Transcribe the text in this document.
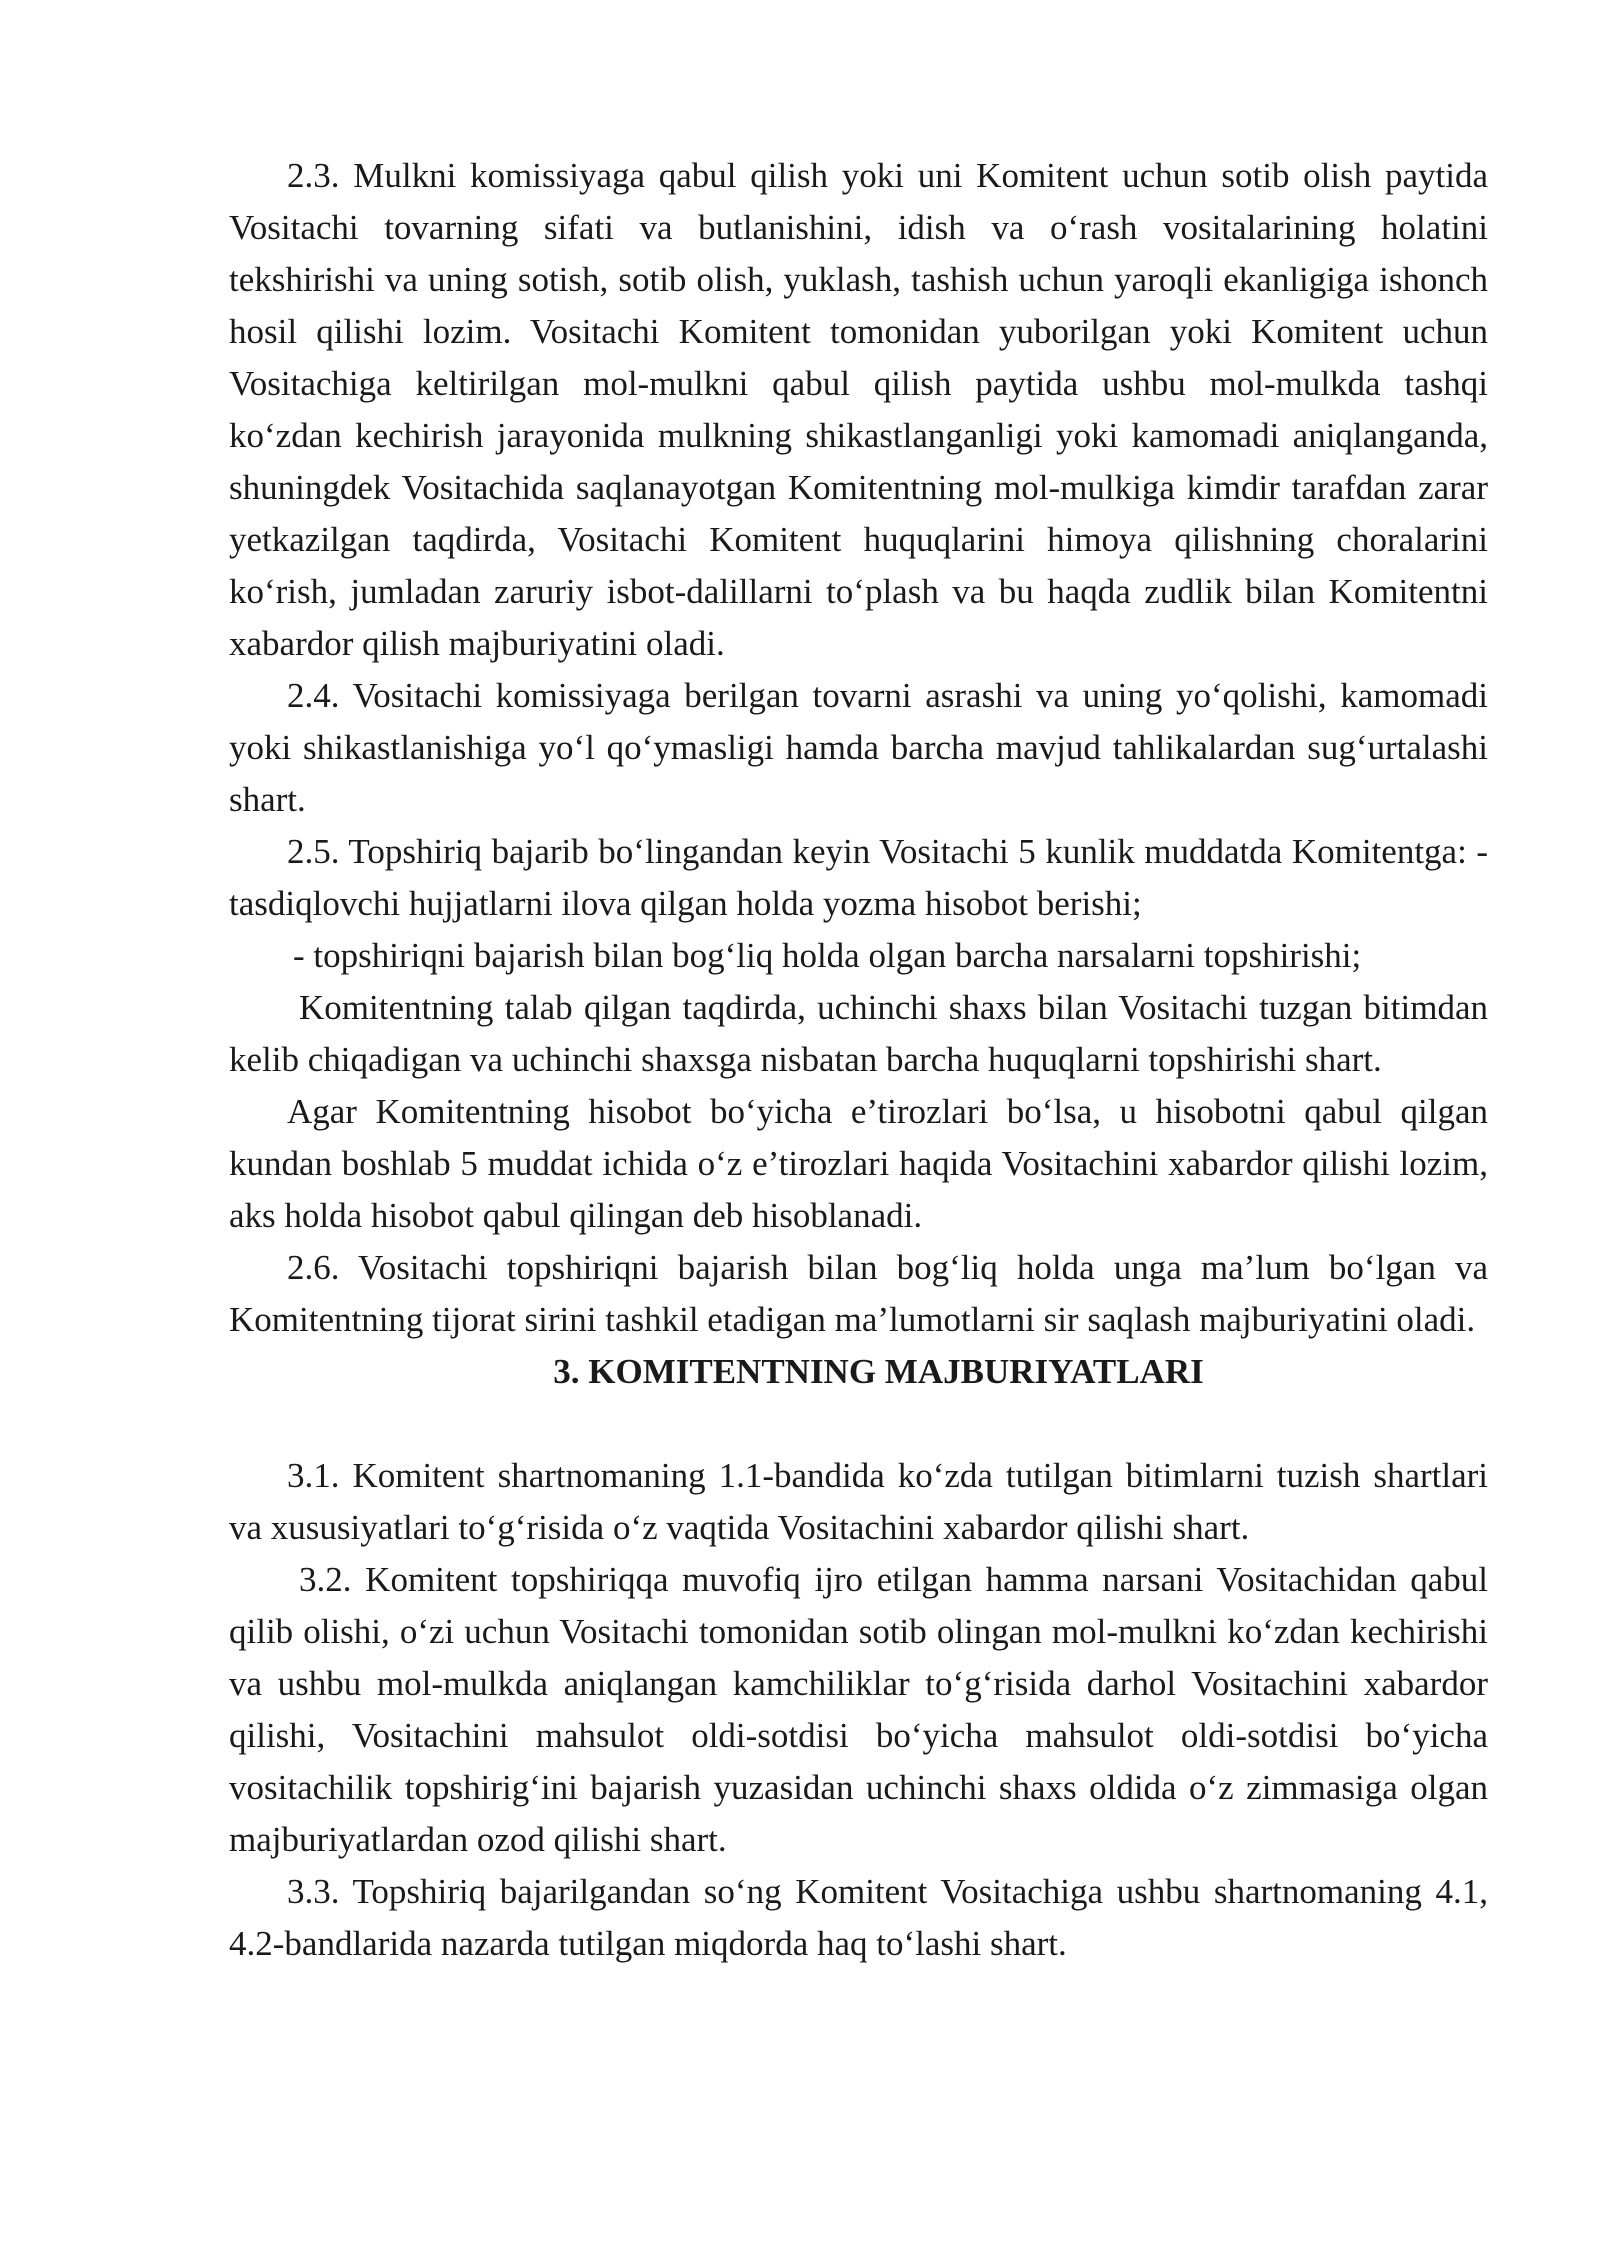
2.3. Mulkni komissiyaga qabul qilish yoki uni Komitent uchun sotib olish paytida Vositachi tovarning sifati va butlanishini, idish va o‘rash vositalarining holatini tekshirishi va uning sotish, sotib olish, yuklash, tashish uchun yaroqli ekanligiga ishonch hosil qilishi lozim. Vositachi Komitent tomonidan yuborilgan yoki Komitent uchun Vositachiga keltirilgan mol-mulkni qabul qilish paytida ushbu mol-mulkda tashqi ko‘zdan kechirish jarayonida mulkning shikastlanganligi yoki kamomadi aniqlanganda, shuningdek Vositachida saqlanayotgan Komitentning mol-mulkiga kimdir tarafdan zarar yetkazilgan taqdirda, Vositachi Komitent huquqlarini himoya qilishning choralarini ko‘rish, jumladan zaruriy isbot-dalillarni to‘plash va bu haqda zudlik bilan Komitentni xabardor qilish majburiyatini oladi.

2.4. Vositachi komissiyaga berilgan tovarni asrashi va uning yo‘qolishi, kamomadi yoki shikastlanishiga yo‘l qo‘ymasligi hamda barcha mavjud tahlikalardan sug‘urtalashi shart.

2.5. Topshiriq bajarib bo‘lingandan keyin Vositachi 5 kunlik muddatda Komitentga: - tasdiqlovchi hujjatlarni ilova qilgan holda yozma hisobot berishi;

- topshiriqni bajarish bilan bog‘liq holda olgan barcha narsalarni topshirishi;

Komitentning talab qilgan taqdirda, uchinchi shaxs bilan Vositachi tuzgan bitimdan kelib chiqadigan va uchinchi shaxsga nisbatan barcha huquqlarni topshirishi shart.

Agar Komitentning hisobot bo‘yicha e’tirozlari bo‘lsa, u hisobotni qabul qilgan kundan boshlab 5 muddat ichida o‘z e’tirozlari haqida Vositachini xabardor qilishi lozim, aks holda hisobot qabul qilingan deb hisoblanadi.

2.6. Vositachi topshiriqni bajarish bilan bog‘liq holda unga ma’lum bo‘lgan va Komitentning tijorat sirini tashkil etadigan ma’lumotlarni sir saqlash majburiyatini oladi.

3. KOMITENTNING MAJBURIYATLARI

3.1. Komitent shartnomaning 1.1-bandida ko‘zda tutilgan bitimlarni tuzish shartlari va xususiyatlari to‘g‘risida o‘z vaqtida Vositachini xabardor qilishi shart.

3.2. Komitent topshiriqqa muvofiq ijro etilgan hamma narsani Vositachidan qabul qilib olishi, o‘zi uchun Vositachi tomonidan sotib olingan mol-mulkni ko‘zdan kechirishi va ushbu mol-mulkda aniqlangan kamchiliklar to‘g‘risida darhol Vositachini xabardor qilishi, Vositachini mahsulot oldi-sotdisi bo‘yicha mahsulot oldi-sotdisi bo‘yicha vositachilik topshirig‘ini bajarish yuzasidan uchinchi shaxs oldida o‘z zimmasiga olgan majburiyatlardan ozod qilishi shart.

3.3. Topshiriq bajarilgandan so‘ng Komitent Vositachiga ushbu shartnomaning 4.1, 4.2-bandlarida nazarda tutilgan miqdorda haq to‘lashi shart.
